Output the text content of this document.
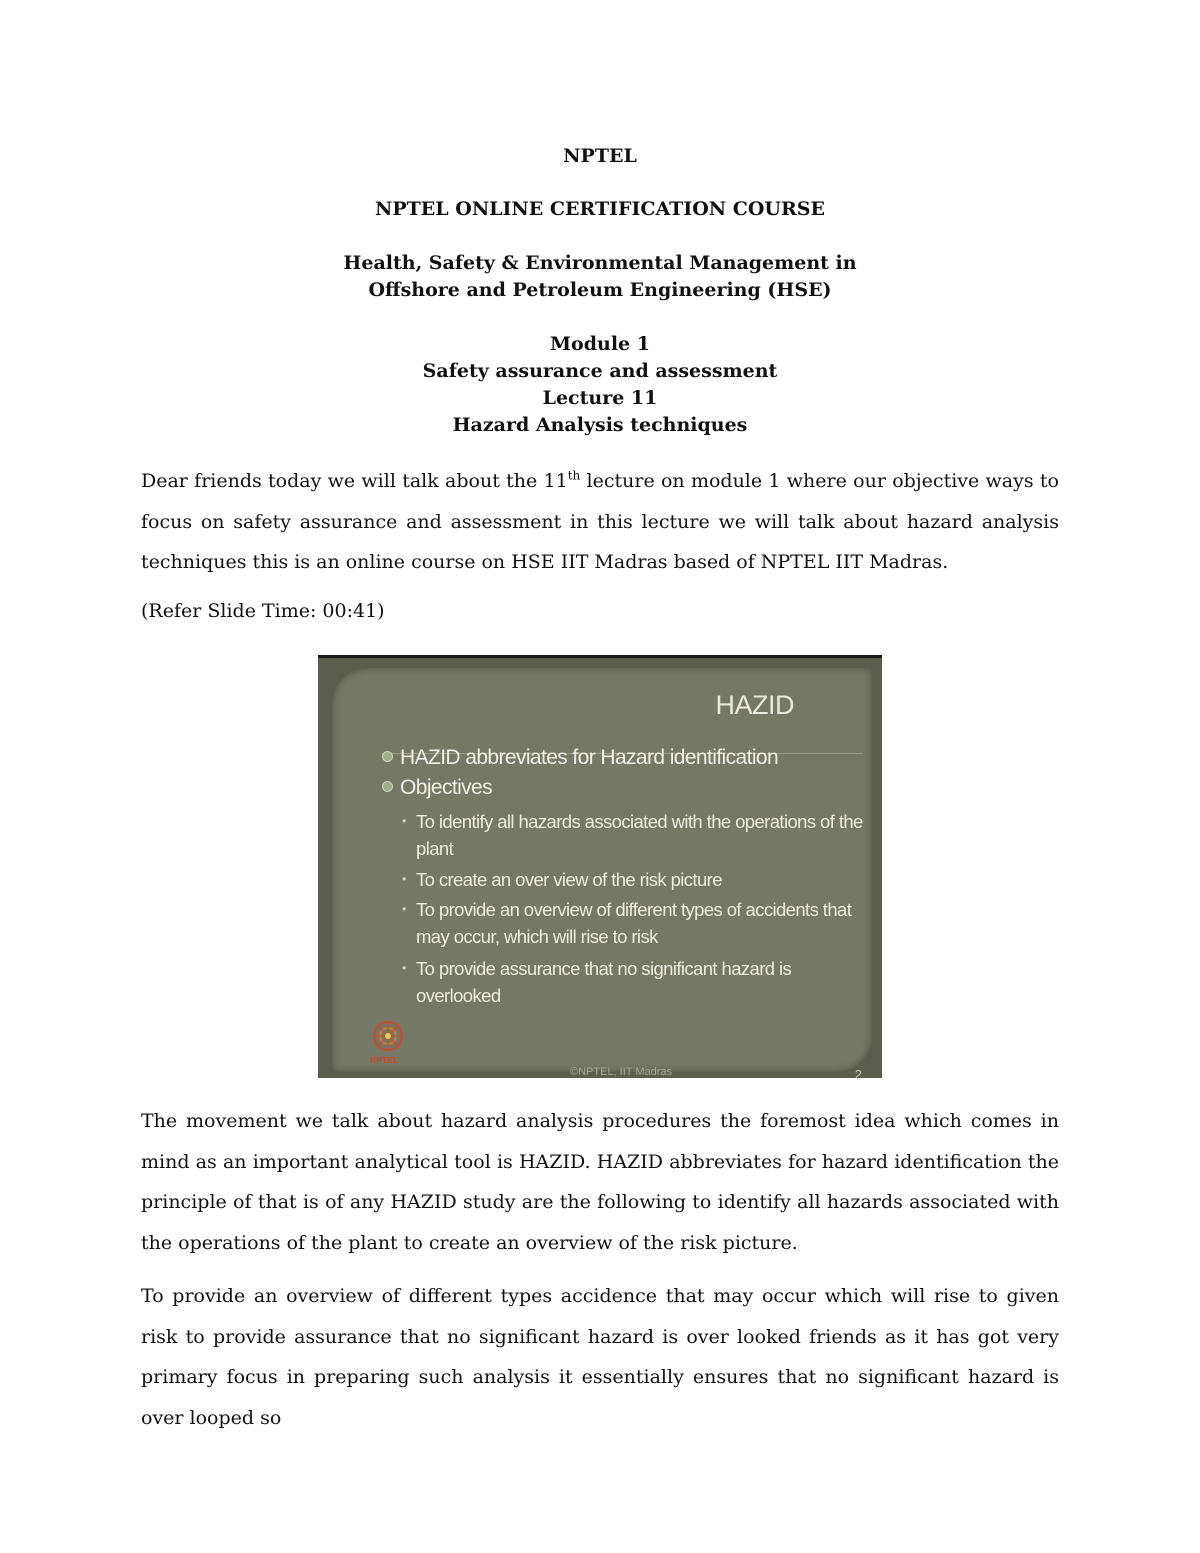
NPTEL
NPTEL ONLINE CERTIFICATION COURSE
Health, Safety & Environmental Management in
Offshore and Petroleum Engineering (HSE)
Module 1
Safety assurance and assessment
Lecture 11
Hazard Analysis techniques

Dear friends today we will talk about the 11th lecture on module 1 where our objective ways to focus on safety assurance and assessment in this lecture we will talk about hazard analysis techniques this is an online course on HSE IIT Madras based of NPTEL IIT Madras.

(Refer Slide Time: 00:41)
HAZID
HAZID abbreviates for Hazard identification
Objectives
• To identify all hazards associated with the operations of the plant
• To create an over view of the risk picture
• To provide an overview of different types of accidents that may occur, which will rise to risk
• To provide assurance that no significant hazard is overlooked
NPTEL
©NPTEL, IIT Madras	2

The movement we talk about hazard analysis procedures the foremost idea which comes in mind as an important analytical tool is HAZID. HAZID abbreviates for hazard identification the principle of that is of any HAZID study are the following to identify all hazards associated with the operations of the plant to create an overview of the risk picture.

To provide an overview of different types accidence that may occur which will rise to given risk to provide assurance that no significant hazard is over looked friends as it has got very primary focus in preparing such analysis it essentially ensures that no significant hazard is over looped so
